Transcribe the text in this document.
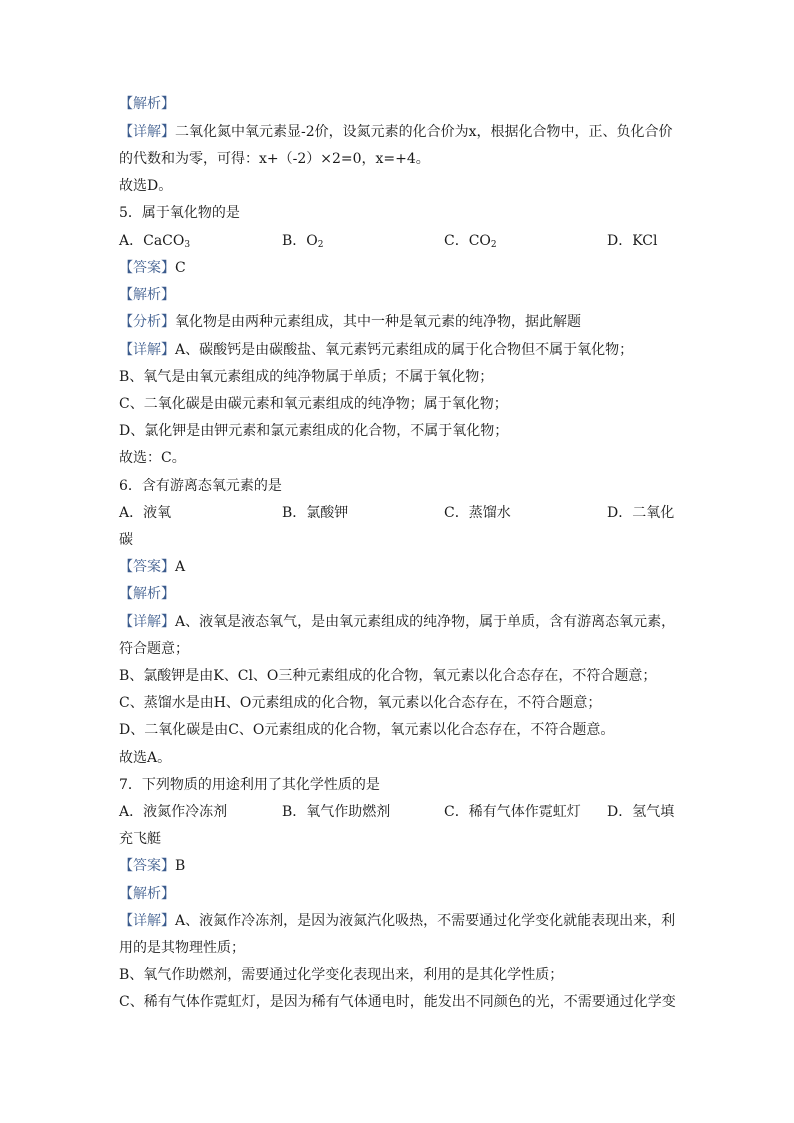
【解析】
【详解】二氧化氮中氧元素显-2价，设氮元素的化合价为x，根据化合物中，正、负化合价
的代数和为零，可得：x+（-2）×2=0，x=+4。
故选D。
5．属于氧化物的是
A．CaCO$_3$	B．$O_2$	C．$CO_2$	D．KCl
【答案】C
【解析】
【分析】氧化物是由两种元素组成，其中一种是氧元素的纯净物，据此解题
【详解】A、碳酸钙是由碳酸盐、氧元素钙元素组成的属于化合物但不属于氧化物；
B、氧气是由氧元素组成的纯净物属于单质；不属于氧化物；
C、二氧化碳是由碳元素和氧元素组成的纯净物；属于氧化物；
D、氯化钾是由钾元素和氯元素组成的化合物，不属于氧化物；
故选：C。
6．含有游离态氧元素的是
A．液氧	B．氯酸钾	C．蒸馏水	D．二氧化
碳
【答案】A
【解析】
【详解】A、液氧是液态氧气，是由氧元素组成的纯净物，属于单质，含有游离态氧元素，
符合题意；
B、氯酸钾是由K、Cl、O三种元素组成的化合物，氧元素以化合态存在，不符合题意；
C、蒸馏水是由H、O元素组成的化合物，氧元素以化合态存在，不符合题意；
D、二氧化碳是由C、O元素组成的化合物，氧元素以化合态存在，不符合题意。
故选A。
7．下列物质的用途利用了其化学性质的是
A．液氮作冷冻剂	B．氧气作助燃剂	C．稀有气体作霓虹灯 D．氢气填
充飞艇
【答案】B
【解析】
【详解】A、液氮作冷冻剂，是因为液氮汽化吸热，不需要通过化学变化就能表现出来，利
用的是其物理性质；
B、氧气作助燃剂，需要通过化学变化表现出来，利用的是其化学性质；
C、稀有气体作霓虹灯，是因为稀有气体通电时，能发出不同颜色的光，不需要通过化学变
